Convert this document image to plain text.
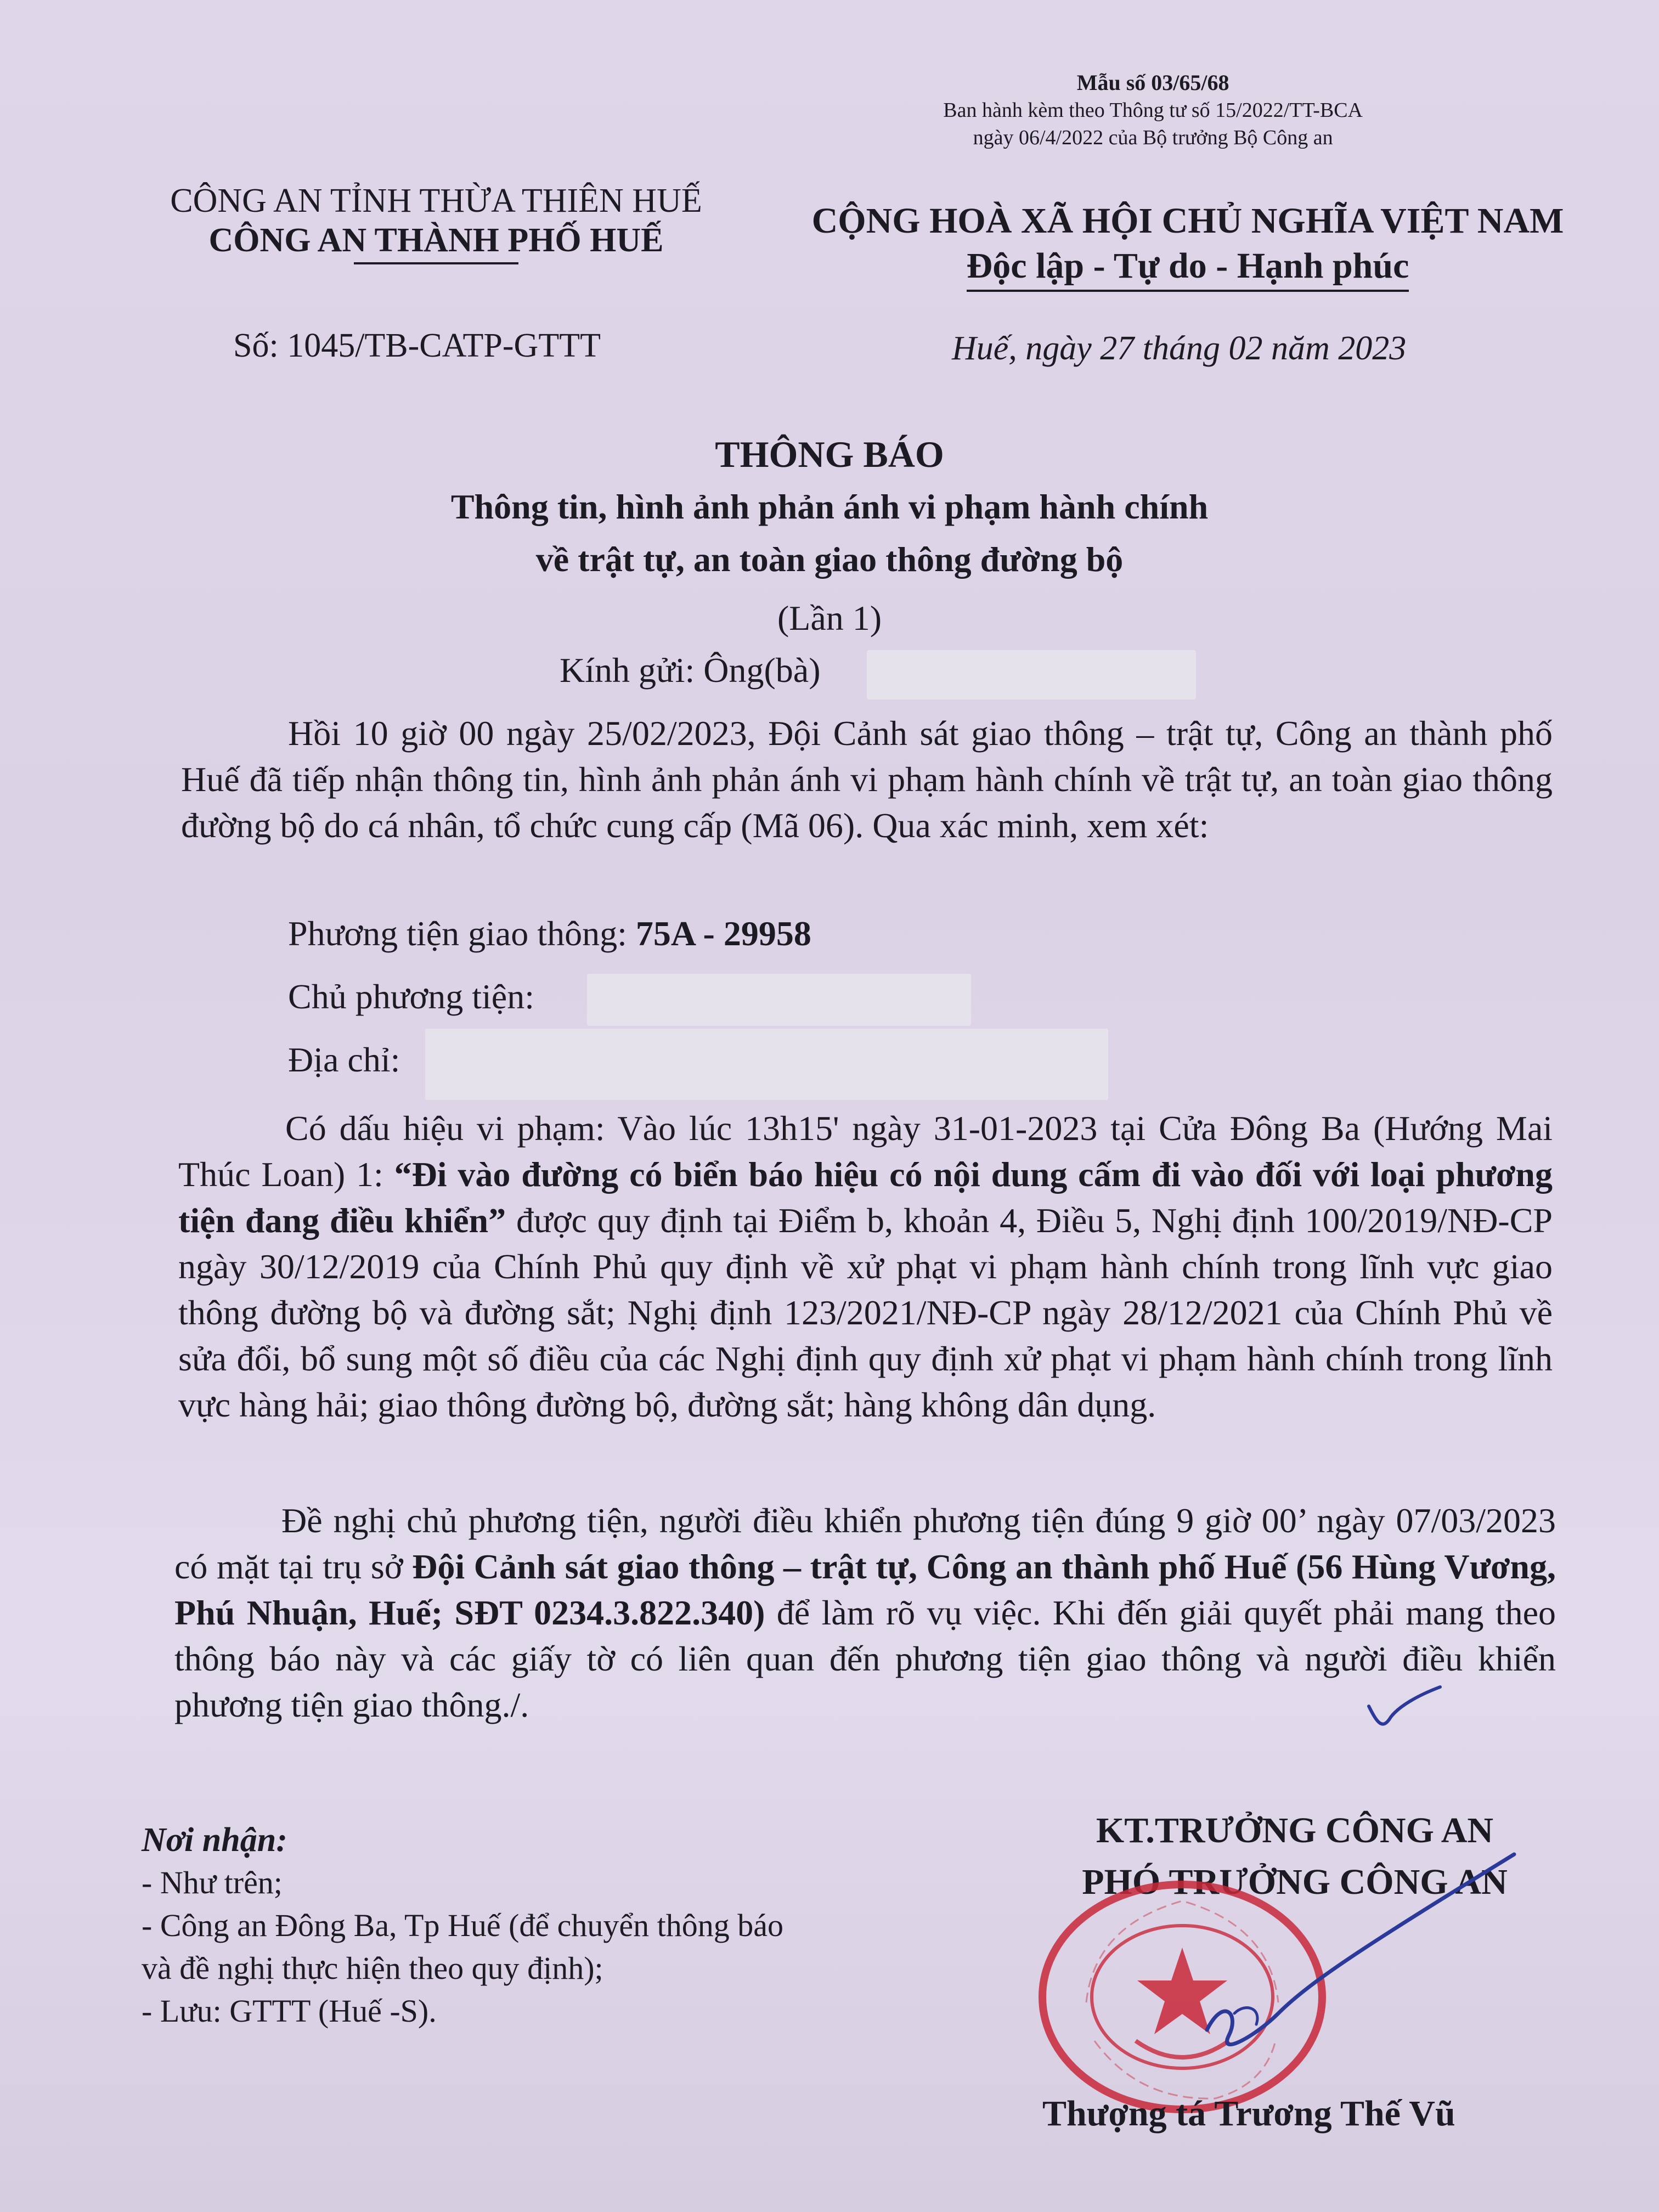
Mẫu số 03/65/68
Ban hành kèm theo Thông tư số 15/2022/TT-BCA
ngày 06/4/2022 của Bộ trưởng Bộ Công an
CÔNG AN TỈNH THỪA THIÊN HUẾ
CÔNG AN THÀNH PHỐ HUẾ	CỘNG HOÀ XÃ HỘI CHỦ NGHĨA VIỆT NAM
Độc lập - Tự do - Hạnh phúc
Số: 1045/TB-CATP-GTTT	Huế, ngày 27 tháng 02 năm 2023
THÔNG BÁO
Thông tin, hình ảnh phản ánh vi phạm hành chính
về trật tự, an toàn giao thông đường bộ
(Lần 1)
Kính gửi: Ông(bà)
Hồi 10 giờ 00 ngày 25/02/2023, Đội Cảnh sát giao thông – trật tự, Công an thành phố Huế đã tiếp nhận thông tin, hình ảnh phản ánh vi phạm hành chính về trật tự, an toàn giao thông đường bộ do cá nhân, tổ chức cung cấp (Mã 06). Qua xác minh, xem xét:
Phương tiện giao thông: 75A - 29958
Chủ phương tiện:
Địa chỉ:
Có dấu hiệu vi phạm: Vào lúc 13h15' ngày 31-01-2023 tại Cửa Đông Ba (Hướng Mai Thúc Loan) 1: “Đi vào đường có biển báo hiệu có nội dung cấm đi vào đối với loại phương tiện đang điều khiển” được quy định tại Điểm b, khoản 4, Điều 5, Nghị định 100/2019/NĐ-CP ngày 30/12/2019 của Chính Phủ quy định về xử phạt vi phạm hành chính trong lĩnh vực giao thông đường bộ và đường sắt; Nghị định 123/2021/NĐ-CP ngày 28/12/2021 của Chính Phủ về sửa đổi, bổ sung một số điều của các Nghị định quy định xử phạt vi phạm hành chính trong lĩnh vực hàng hải; giao thông đường bộ, đường sắt; hàng không dân dụng.
Đề nghị chủ phương tiện, người điều khiển phương tiện đúng 9 giờ 00’ ngày 07/03/2023 có mặt tại trụ sở Đội Cảnh sát giao thông – trật tự, Công an thành phố Huế (56 Hùng Vương, Phú Nhuận, Huế; SĐT 0234.3.822.340) để làm rõ vụ việc. Khi đến giải quyết phải mang theo thông báo này và các giấy tờ có liên quan đến phương tiện giao thông và người điều khiển phương tiện giao thông./.
Nơi nhận:
- Như trên;
- Công an Đông Ba, Tp Huế (để chuyển thông báo
và đề nghị thực hiện theo quy định);
- Lưu: GTTT (Huế -S).
KT.TRƯỞNG CÔNG AN
PHÓ TRƯỞNG CÔNG AN
Thượng tá Trương Thế Vũ
